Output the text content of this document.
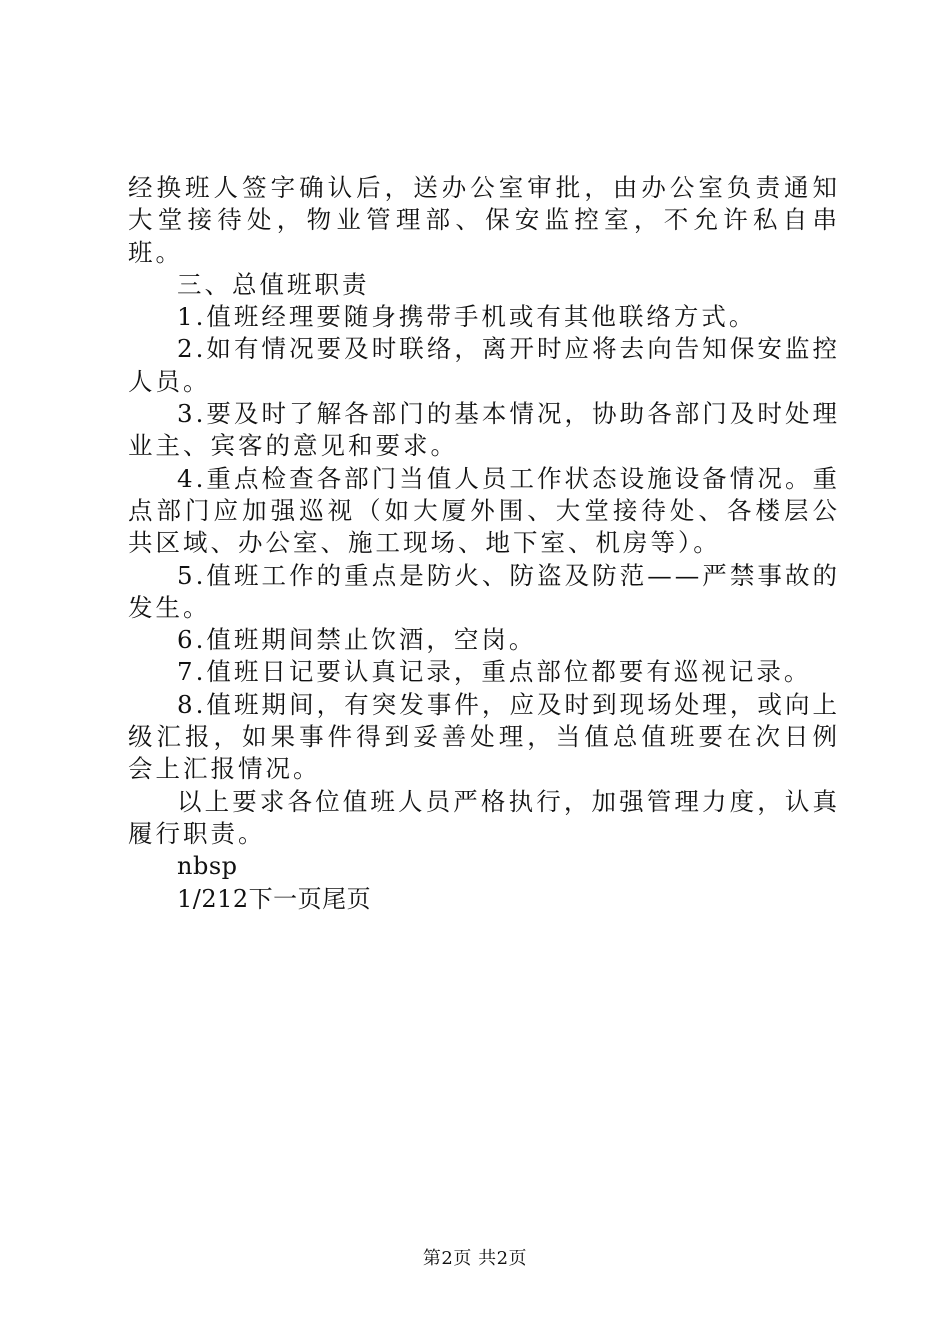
经换班人签字确认后，送办公室审批，由办公室负责通知大堂接待处，物业管理部、保安监控室，不允许私自串班。

三、总值班职责

1.值班经理要随身携带手机或有其他联络方式。

2.如有情况要及时联络，离开时应将去向告知保安监控人员。

3.要及时了解各部门的基本情况，协助各部门及时处理业主、宾客的意见和要求。

4.重点检查各部门当值人员工作状态设施设备情况。重点部门应加强巡视（如大厦外围、大堂接待处、各楼层公共区域、办公室、施工现场、地下室、机房等）。

5.值班工作的重点是防火、防盗及防范——严禁事故的发生。

6.值班期间禁止饮酒，空岗。

7.值班日记要认真记录，重点部位都要有巡视记录。

8.值班期间，有突发事件，应及时到现场处理，或向上级汇报，如果事件得到妥善处理，当值总值班要在次日例会上汇报情况。

以上要求各位值班人员严格执行，加强管理力度，认真履行职责。

nbsp

1/212下一页尾页

第2页 共2页
